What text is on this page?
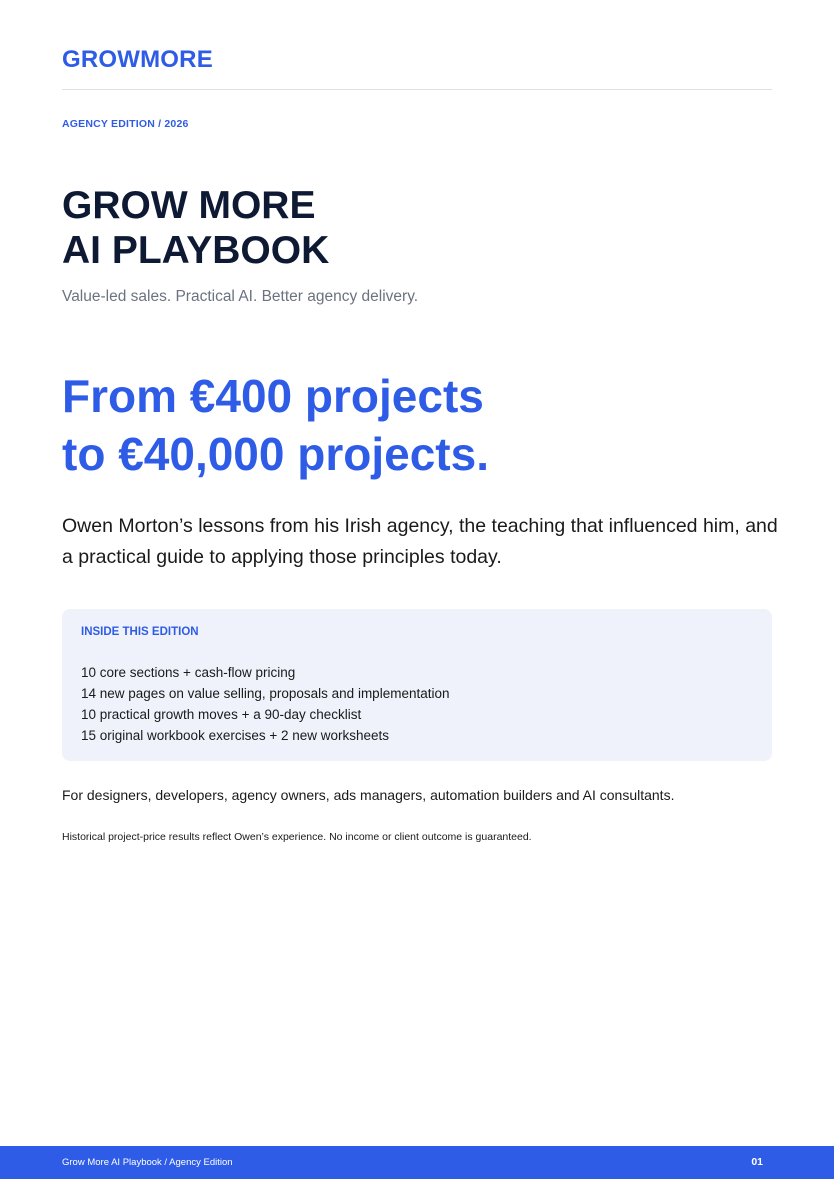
GROWMORE

AGENCY EDITION / 2026

GROW MORE
AI PLAYBOOK

Value-led sales. Practical AI. Better agency delivery.

From €400 projects
to €40,000 projects.

Owen Morton’s lessons from his Irish agency, the teaching that influenced him, and a practical guide to applying those principles today.

INSIDE THIS EDITION

10 core sections + cash-flow pricing
14 new pages on value selling, proposals and implementation
10 practical growth moves + a 90-day checklist
15 original workbook exercises + 2 new worksheets

For designers, developers, agency owners, ads managers, automation builders and AI consultants.

Historical project-price results reflect Owen’s experience. No income or client outcome is guaranteed.

Grow More AI Playbook / Agency Edition	01
